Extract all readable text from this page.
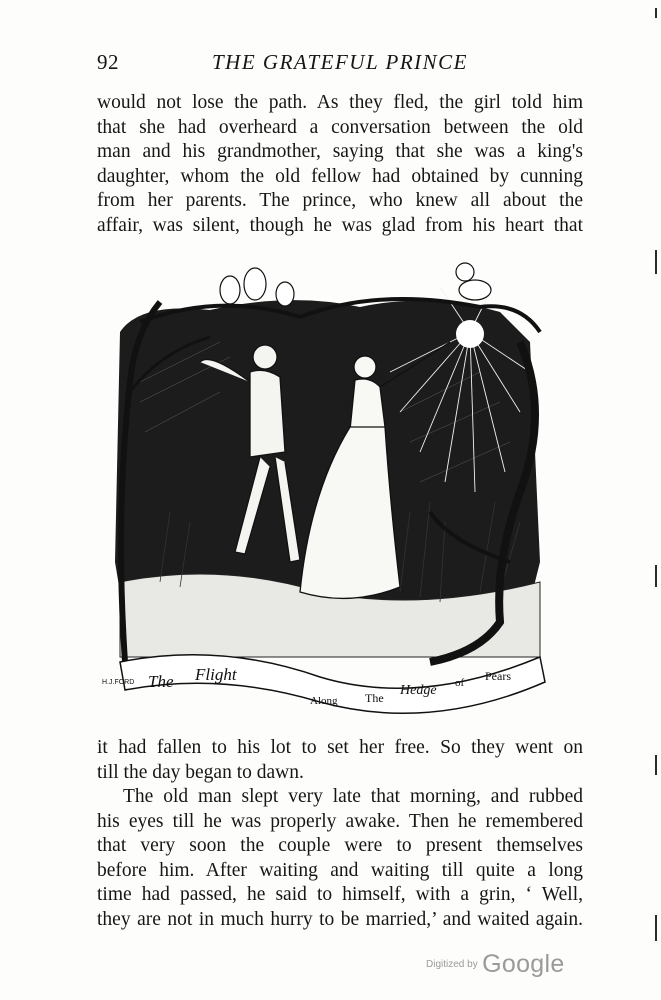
92	THE GRATEFUL PRINCE
would not lose the path. As they fled, the girl told him
that she had overheard a conversation between the old
man and his grandmother, saying that she was a king's
daughter, whom the old fellow had obtained by cunning
from her parents. The prince, who knew all about the
affair, was silent, though he was glad from his heart that
The Flight
Along The Hedge of Pears
H.J.FORD
it had fallen to his lot to set her free. So they went on
till the day began to dawn.
The old man slept very late that morning, and rubbed
his eyes till he was properly awake. Then he remembered
that very soon the couple were to present themselves
before him. After waiting and waiting till quite a long
time had passed, he said to himself, with a grin, ‘ Well,
they are not in much hurry to be married,’ and waited again.
Digitized by Google
